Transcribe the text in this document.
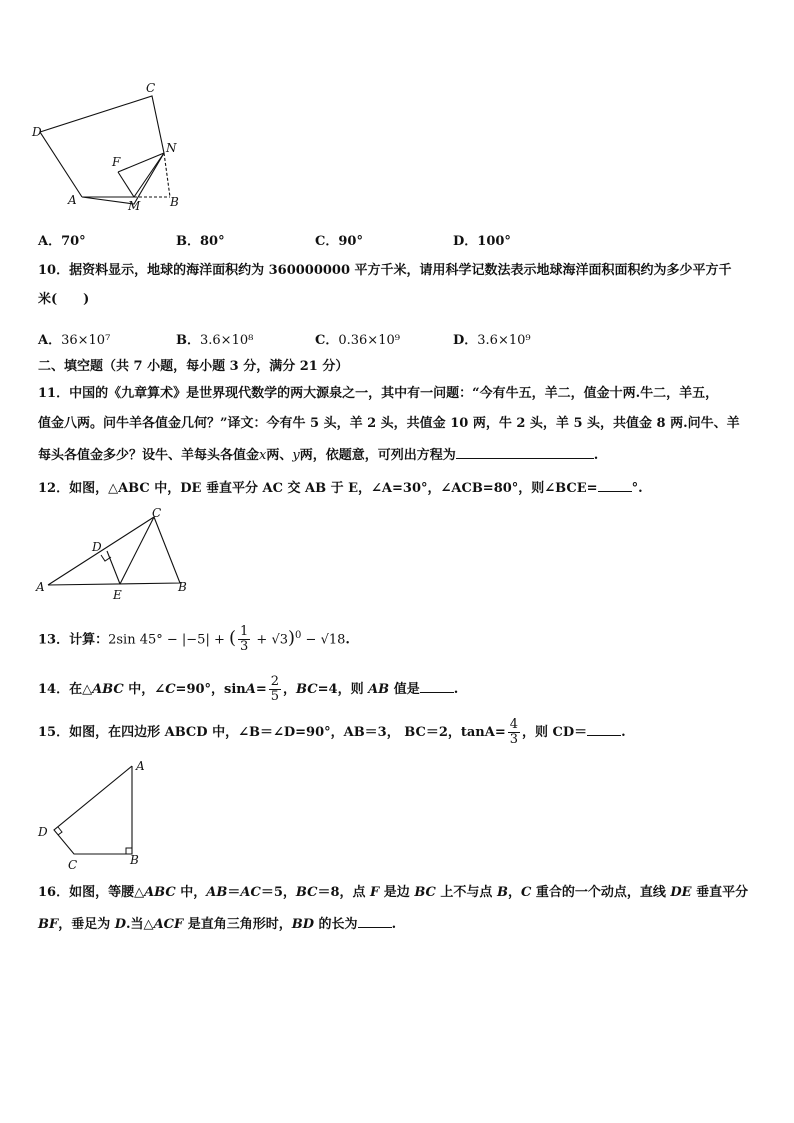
C
D
N
F
A	M B
A．70°	B．80°	C．90°	D．100°
10．据资料显示，地球的海洋面积约为 360000000 平方千米，请用科学记数法表示地球海洋面积面积约为多少平方千
米(　　)
A．36×10⁷	B．3.6×10⁸	C．0.36×10⁹	D．3.6×10⁹
二、填空题（共 7 小题，每小题 3 分，满分 21 分）
11．中国的《九章算术》是世界现代数学的两大源泉之一，其中有一问题：“今有牛五，羊二，值金十两.牛二，羊五，
值金八两。问牛羊各值金几何？”译文：今有牛 5 头，羊 2 头，共值金 10 两，牛 2 头，羊 5 头，共值金 8 两.问牛、羊
每头各值金多少？设牛、羊每头各值金x两、y两，依题意，可列出方程为	.
12．如图，△ABC 中，DE 垂直平分 AC 交 AB 于 E，∠A=30°，∠ACB=80°，则∠BCE=	°.
C
D
A
E
B
13．计算：2sin 45° − |−5| + ( $\frac{1}{3} + √3)^0 - √18$.
14．在△ABC 中，∠C=90°，$\sin A= \frac{2}{5}$ ，BC=4，则 AB 值是	.
15．如图，在四边形 ABCD 中，∠B＝∠D=90°，AB＝3， BC＝2，$\tan A= \frac{4}{3}$ ，则 CD＝	.
A
D
C	B
16．如图，等腰△ABC 中，AB＝AC＝5，BC＝8，点 F 是边 BC 上不与点 B，C 重合的一个动点，直线 DE 垂直平分
BF，垂足为 D.当△ACF 是直角三角形时，BD 的长为	.
